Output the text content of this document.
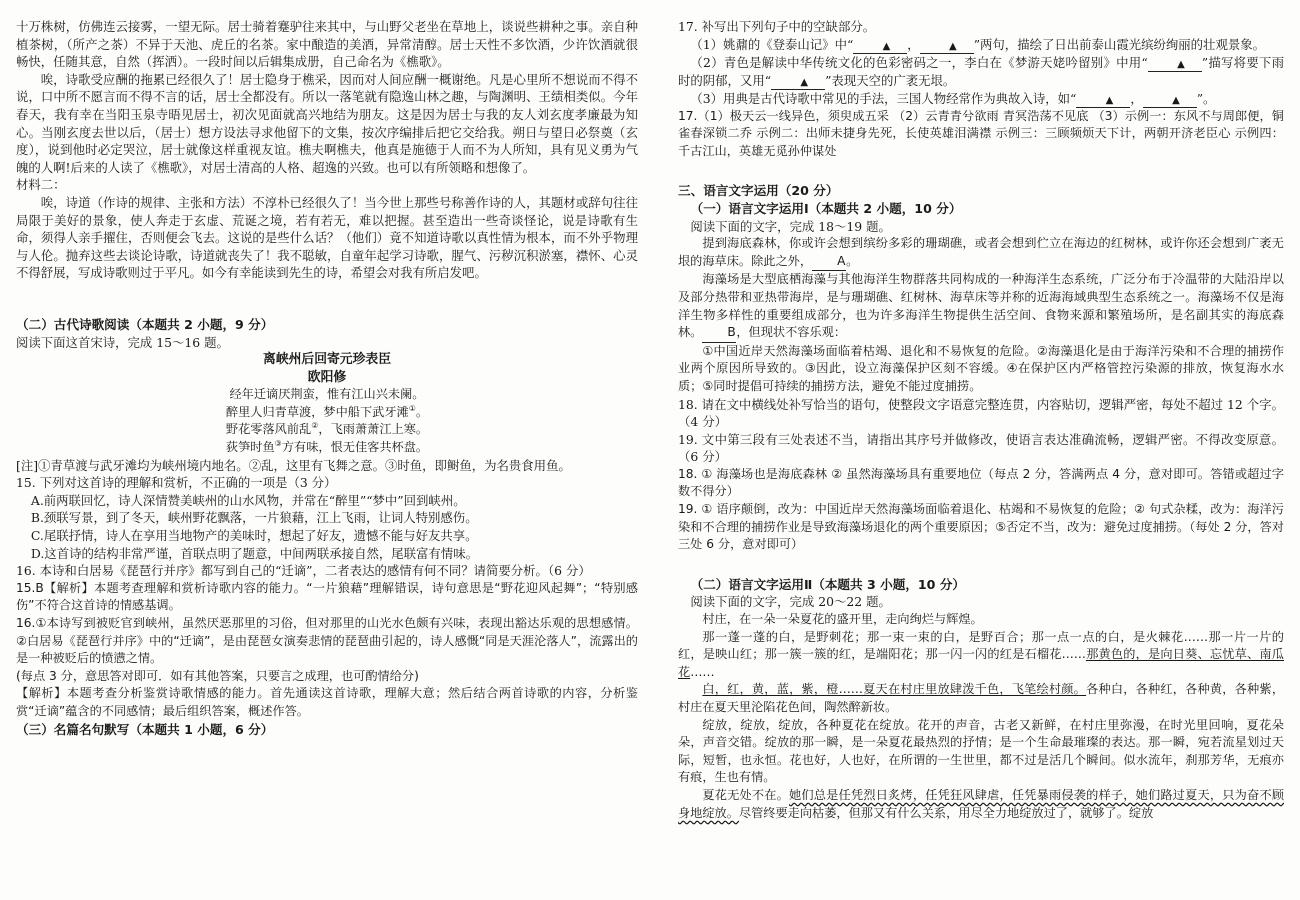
十万株树，仿佛连云接雾，一望无际。居士骑着蹇驴往来其中，与山野父老坐在草地上，谈说些耕种之事。亲自种植茶树，（所产之茶）不异于天池、虎丘的名茶。家中酿造的美酒，异常清醇。居士天性不多饮酒，少许饮酒就很畅快，任随其意，自然（挥洒）。一段时间以后辑集成册，自己命名为《樵歌》。

唉，诗歌受应酬的拖累已经很久了！居士隐身于樵采，因而对人间应酬一概谢绝。凡是心里所不想说而不得不说，口中所不愿言而不得不言的话，居士全都没有。所以一落笔就有隐逸山林之趣，与陶渊明、王绩相类似。今年春天，我有幸在当阳玉泉寺晤见居士，初次见面就高兴地结为朋友。这是因为居士与我的友人刘玄度孝廉最为知心。当刚玄度去世以后，（居士）想方设法寻求他留下的文集，按次序编排后把它交给我。朔日与望日必祭奠（玄度），说到他时必定哭泣，居士就像这样重视友谊。樵夫啊樵夫，他真是施德于人而不为人所知，具有见义勇为气魄的人啊!后来的人读了《樵歌》，对居士清高的人格、超逸的兴致。也可以有所领略和想像了。

材料二：

唉，诗道（作诗的规律、主张和方法）不淳朴已经很久了！当今世上那些号称善作诗的人，其题材或辞句往往局限于美好的景象，使人奔走于玄虚、荒诞之境，若有若无，难以把握。甚至造出一些奇谈怪论，说是诗歌有生命，须得人亲手擢住，否则便会飞去。这说的是些什么话？（他们）竟不知道诗歌以真性情为根本，而不外乎物理与人伦。抛弃这些去谈论诗歌，诗道就丧失了！我不聪敏，自童年起学习诗歌，腥气、污秽沉积淤塞，襟怀、心灵不得舒展，写成诗歌则过于平凡。如今有幸能读到先生的诗，希望会对我有所启发吧。

（二）古代诗歌阅读（本题共 2 小题，9 分）

阅读下面这首宋诗，完成 15～16 题。

离峡州后回寄元珍表臣

欧阳修

经年迁谪厌荆蛮，惟有江山兴未阑。

醉里人归青草渡，梦中船下武牙滩①。

野花零落风前乱②，飞雨萧萧江上寒。

荻笋时鱼③方有味，恨无佳客共杯盘。

[注]①青草渡与武牙滩均为峡州境内地名。②乱，这里有飞舞之意。③时鱼，即鲥鱼，为名贵食用鱼。

15. 下列对这首诗的理解和赏析，不正确的一项是（3 分）

A.前两联回忆，诗人深情赞美峡州的山水风物，并常在“醉里”“梦中”回到峡州。

B.颈联写景，到了冬天，峡州野花飘落，一片狼藉，江上飞雨，让词人特别感伤。

C.尾联抒情，诗人在享用当地物产的美味时，想起了好友，遗憾不能与好友共享。

D.这首诗的结构非常严谨，首联点明了题意，中间两联承接自然，尾联富有情味。

16. 本诗和白居易《琵琶行并序》都写到自己的“迁谪”，二者表达的感情有何不同？请简要分析。（6 分）

15.B【解析】本题考查理解和赏析诗歌内容的能力。“一片狼藉”理解错误，诗句意思是“野花迎风起舞”；“特别感伤”不符合这首诗的情感基调。

16.①本诗写到被贬官到峡州，虽然厌恶那里的习俗，但对那里的山光水色颇有兴味，表现出豁达乐观的思想感情。②白居易《琵琶行并序》中的“迁谪”，是由琵琶女演奏悲情的琵琶曲引起的，诗人感慨“同是天涯沦落人”，流露出的是一种被贬后的愤懑之情。

(每点 3 分，意思答对即可．如有其他答案，只要言之成理，也可酌情给分)

【解析】本题考查分析鉴赏诗歌情感的能力。首先通读这首诗歌，理解大意；然后结合两首诗歌的内容，分析鉴赏“迁谪”蕴含的不同感情；最后组织答案，概述作答。

（三）名篇名句默写（本题共 1 小题，6 分）

17. 补写出下列句子中的空缺部分。

（1）姚鼐的《登泰山记》中“	▲ ，	▲ ”两句，描绘了日出前泰山霞光缤纷绚丽的壮观景象。

（2）青色是解读中华传统文化的色彩密码之一，李白在《梦游天姥吟留别》中用“	▲ ”描写将要下雨时的阴郁，又用“	▲ ”表现天空的广袤无垠。

（3）用典是古代诗歌中常见的手法，三国人物经常作为典故入诗，如“	▲ ，	▲ ”。

17.（1）极天云一线异色，须臾成五采 （2）云青青兮欲雨 青冥浩荡不见底 （3）示例一：东风不与周郎便，铜雀春深锁二乔 示例二：出师未捷身先死，长使英雄泪满襟 示例三：三顾频烦天下计，两朝开济老臣心 示例四：千古江山，英雄无觅孙仲谋处

三、语言文字运用（20 分）

（一）语言文字运用Ⅰ（本题共 2 小题，10 分）

阅读下面的文字，完成 18～19 题。

提到海底森林，你或许会想到缤纷多彩的珊瑚礁，或者会想到伫立在海边的红树林，或许你还会想到广袤无垠的海草床。除此之外， A。

海藻场是大型底栖海藻与其他海洋生物群落共同构成的一种海洋生态系统，广泛分布于冷温带的大陆沿岸以及部分热带和亚热带海岸，是与珊瑚礁、红树林、海草床等并称的近海海域典型生态系统之一。海藻场不仅是海洋生物多样性的重要组成部分，也为许多海洋生物提供生活空间、食物来源和繁殖场所，是名副其实的海底森林。 B，但现状不容乐观：

①中国近岸天然海藻场面临着枯竭、退化和不易恢复的危险。②海藻退化是由于海洋污染和不合理的捕捞作业两个原因所导致的。③因此，设立海藻保护区刻不容缓。④在保护区内严格管控污染源的排放，恢复海水水质；⑤同时提倡可持续的捕捞方法，避免不能过度捕捞。

18. 请在文中横线处补写恰当的语句，使整段文字语意完整连贯，内容贴切，逻辑严密，每处不超过 12 个字。（4 分）

19. 文中第三段有三处表述不当，请指出其序号并做修改，使语言表达准确流畅，逻辑严密。不得改变原意。（6 分）

18. ① 海藻场也是海底森林 ② 虽然海藻场具有重要地位（每点 2 分，答满两点 4 分，意对即可。答错或超过字数不得分）

19. ① 语序颠倒，改为：中国近岸天然海藻场面临着退化、枯竭和不易恢复的危险；② 句式杂糅，改为：海洋污染和不合理的捕捞作业是导致海藻场退化的两个重要原因；⑤否定不当，改为：避免过度捕捞。（每处 2 分，答对三处 6 分，意对即可）

（二）语言文字运用Ⅱ（本题共 3 小题，10 分）

阅读下面的文字，完成 20～22 题。

村庄，在一朵一朵夏花的盛开里，走向绚烂与辉煌。

那一蓬一蓬的白，是野刺花；那一束一束的白，是野百合；那一点一点的白，是火棘花……那一片一片的红，是映山红；那一簇一簇的红，是端阳花；那一闪一闪的红是石榴花……那黄色的，是向日葵、忘忧草、南瓜花……

白，红，黄，蓝，紫，橙……夏天在村庄里放肆泼千色，飞笔绘村颜。各种白，各种红，各种黄，各种紫，村庄在夏天里沦陷花色间，陶然醉新妆。

绽放，绽放，绽放，各种夏花在绽放。花开的声音，古老又新鲜，在村庄里弥漫，在时光里回响，夏花朵朵，声音交错。绽放的那一瞬，是一朵夏花最热烈的抒情；是一个生命最璀璨的表达。那一瞬，宛若流星划过天际，短暂，也永恒。花也好，人也好，在所谓的一生世里，都不过是活几个瞬间。似水流年，刹那芳华，无痕亦有痕，生也有情。

夏花无处不在。她们总是任凭烈日炙烤，任凭狂风肆虐，任凭暴雨侵袭的样子，她们路过夏天，只为奋不顾身地绽放。尽管终要走向枯萎，但那又有什么关系，用尽全力地绽放过了，就够了。绽放
